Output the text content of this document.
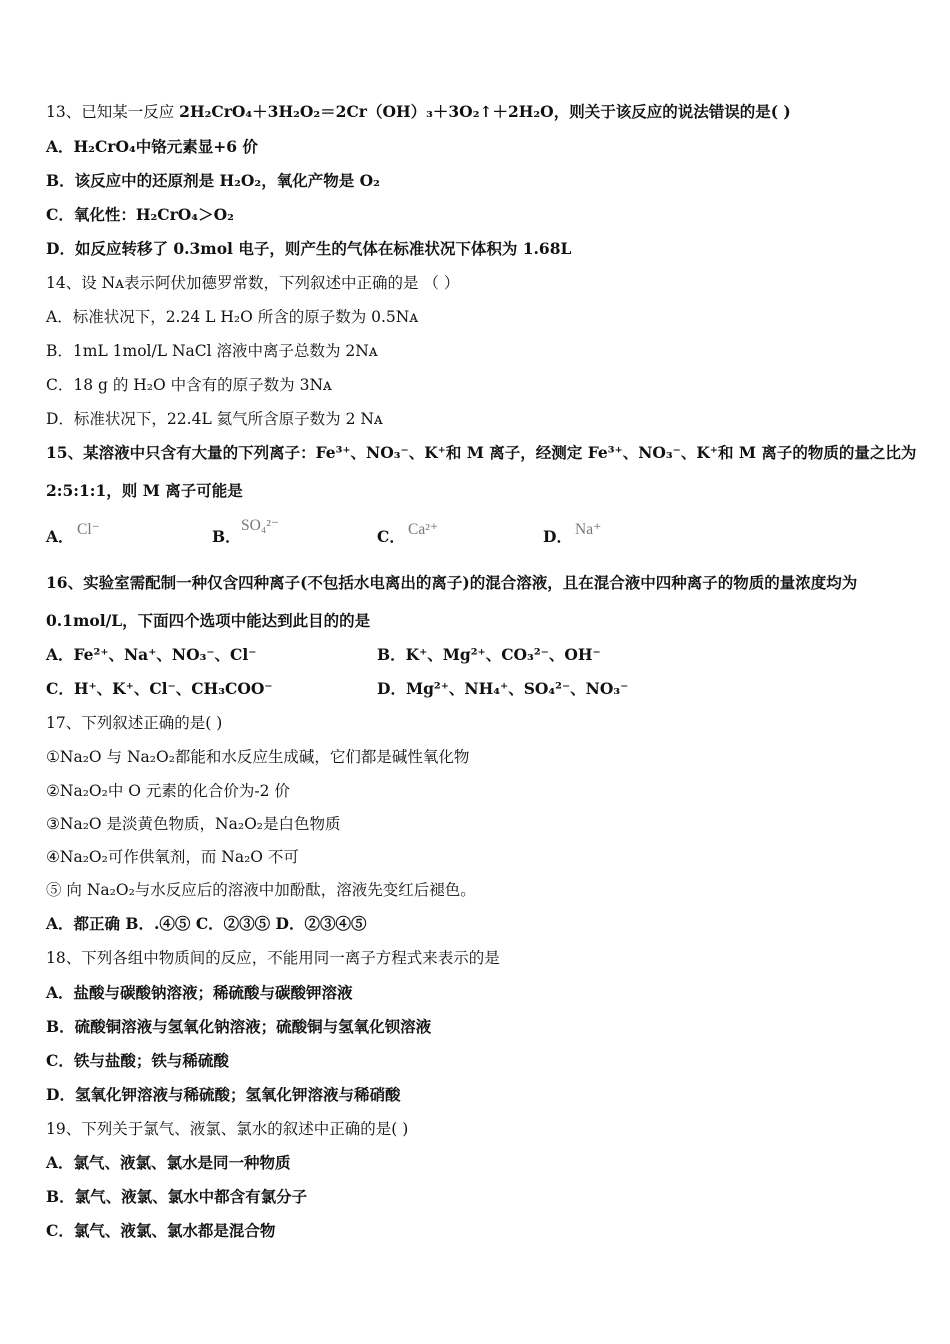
13、已知某一反应 2H₂CrO₄＋3H₂O₂＝2Cr（OH）₃＋3O₂↑＋2H₂O，则关于该反应的说法错误的是( )
A．H₂CrO₄中铬元素显+6 价
B．该反应中的还原剂是 H₂O₂，氧化产物是 O₂
C．氧化性：H₂CrO₄＞O₂
D．如反应转移了 0.3mol 电子，则产生的气体在标准状况下体积为 1.68L
14、设 Nᴀ表示阿伏加德罗常数，下列叙述中正确的是 （ ）
A．标准状况下，2.24 L H₂O 所含的原子数为 0.5Nᴀ
B．1mL 1mol/L NaCl 溶液中离子总数为 2Nᴀ
C．18 g 的 H₂O 中含有的原子数为 3Nᴀ
D．标准状况下，22.4L 氦气所含原子数为 2 Nᴀ
15、某溶液中只含有大量的下列离子：Fe³⁺、NO₃⁻、K⁺和 M 离子，经测定 Fe³⁺、NO₃⁻、K⁺和 M 离子的物质的量之比为
2:5:1:1，则 M 离子可能是
A． Cl⁻	B．
SO₄²⁻
C． Ca²⁺	D． Na⁺
16、实验室需配制一种仅含四种离子(不包括水电离出的离子)的混合溶液，且在混合液中四种离子的物质的量浓度均为
0.1mol/L，下面四个选项中能达到此目的的是
A．Fe²⁺、Na⁺、NO₃⁻、Cl⁻	B．K⁺、Mg²⁺、CO₃²⁻、OH⁻
C．H⁺、K⁺、Cl⁻、CH₃COO⁻	D．Mg²⁺、NH₄⁺、SO₄²⁻、NO₃⁻
17、下列叙述正确的是( )
①Na₂O 与 Na₂O₂都能和水反应生成碱，它们都是碱性氧化物
②Na₂O₂中 O 元素的化合价为-2 价
③Na₂O 是淡黄色物质，Na₂O₂是白色物质
④Na₂O₂可作供氧剂，而 Na₂O 不可
⑤ 向 Na₂O₂与水反应后的溶液中加酚酞，溶液先变红后褪色。
A．都正确 B．.④⑤ C．②③⑤ D．②③④⑤
18、下列各组中物质间的反应，不能用同一离子方程式来表示的是
A．盐酸与碳酸钠溶液；稀硫酸与碳酸钾溶液
B．硫酸铜溶液与氢氧化钠溶液；硫酸铜与氢氧化钡溶液
C．铁与盐酸；铁与稀硫酸
D．氢氧化钾溶液与稀硫酸；氢氧化钾溶液与稀硝酸
19、下列关于氯气、液氯、氯水的叙述中正确的是( )
A．氯气、液氯、氯水是同一种物质
B．氯气、液氯、氯水中都含有氯分子
C．氯气、液氯、氯水都是混合物
